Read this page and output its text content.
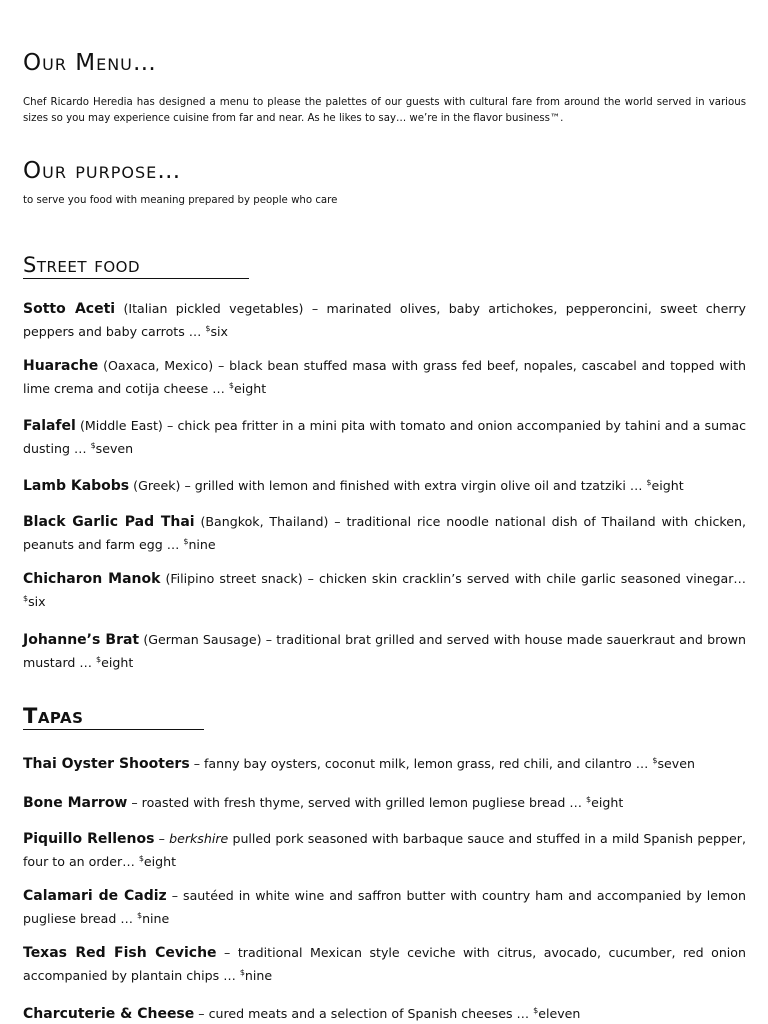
Our Menu…
Chef Ricardo Heredia has designed a menu to please the palettes of our guests with cultural fare from around the world served in various sizes so you may experience cuisine from far and near. As he likes to say… we’re in the flavor business™.
Our purpose…
to serve you food with meaning prepared by people who care
Street food
Sotto Aceti (Italian pickled vegetables) – marinated olives, baby artichokes, pepperoncini, sweet cherry peppers and baby carrots … $six
Huarache (Oaxaca, Mexico) – black bean stuffed masa with grass fed beef, nopales, cascabel and topped with lime crema and cotija cheese … $eight
Falafel (Middle East) – chick pea fritter in a mini pita with tomato and onion accompanied by tahini and a sumac dusting … $seven
Lamb Kabobs (Greek) – grilled with lemon and finished with extra virgin olive oil and tzatziki … $eight
Black Garlic Pad Thai (Bangkok, Thailand) – traditional rice noodle national dish of Thailand with chicken, peanuts and farm egg … $nine
Chicharon Manok (Filipino street snack) – chicken skin cracklin’s served with chile garlic seasoned vinegar… $six
Johanne’s Brat (German Sausage) – traditional brat grilled and served with house made sauerkraut and brown mustard … $eight
Tapas
Thai Oyster Shooters – fanny bay oysters, coconut milk, lemon grass, red chili, and cilantro … $seven
Bone Marrow – roasted with fresh thyme, served with grilled lemon pugliese bread … $eight
Piquillo Rellenos – berkshire pulled pork seasoned with barbaque sauce and stuffed in a mild Spanish pepper, four to an order… $eight
Calamari de Cadiz – sautéed in white wine and saffron butter with country ham and accompanied by lemon pugliese bread … $nine
Texas Red Fish Ceviche – traditional Mexican style ceviche with citrus, avocado, cucumber, red onion accompanied by plantain chips … $nine
Charcuterie & Cheese – cured meats and a selection of Spanish cheeses … $eleven
